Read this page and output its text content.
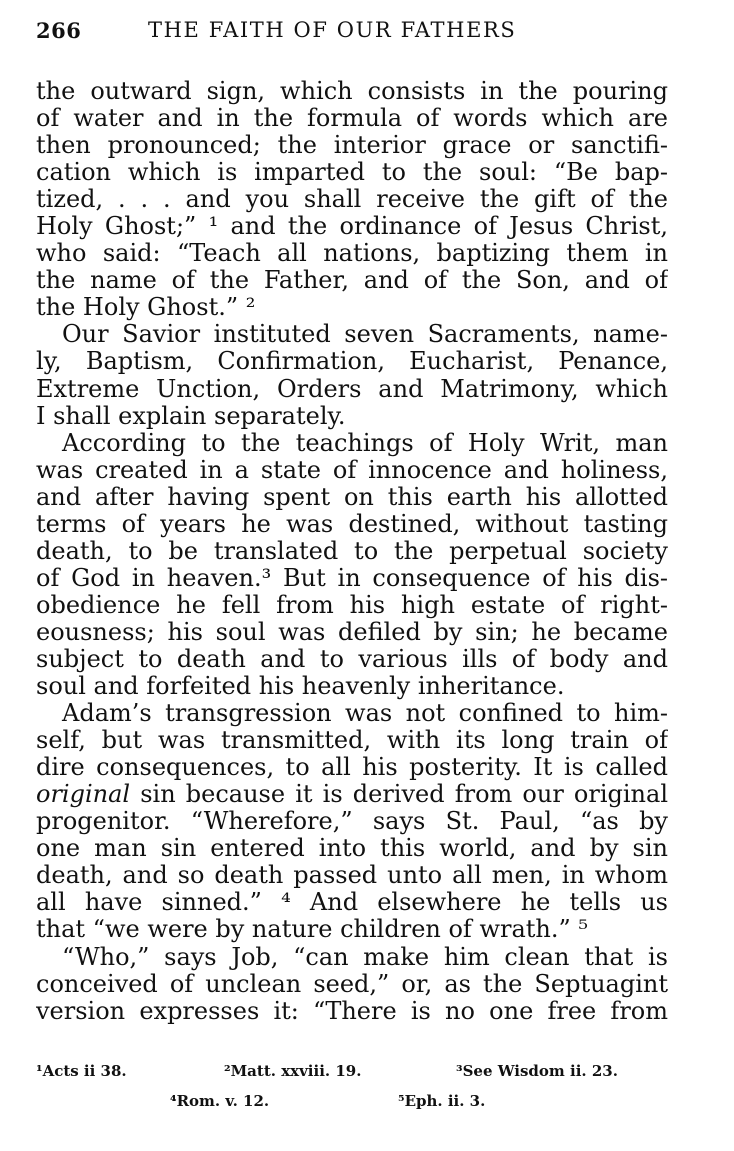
266	THE FAITH OF OUR FATHERS
the outward sign, which consists in the pouring
of water and in the formula of words which are
then pronounced; the interior grace or sanctifi-
cation which is imparted to the soul: “Be bap-
tized, . . . and you shall receive the gift of the
Holy Ghost;” ¹ and the ordinance of Jesus Christ,
who said: “Teach all nations, baptizing them in
the name of the Father, and of the Son, and of
the Holy Ghost.” ²
Our Savior instituted seven Sacraments, name-
ly, Baptism, Confirmation, Eucharist, Penance,
Extreme Unction, Orders and Matrimony, which
I shall explain separately.
According to the teachings of Holy Writ, man
was created in a state of innocence and holiness,
and after having spent on this earth his allotted
terms of years he was destined, without tasting
death, to be translated to the perpetual society
of God in heaven.³ But in consequence of his dis-
obedience he fell from his high estate of right-
eousness; his soul was defiled by sin; he became
subject to death and to various ills of body and
soul and forfeited his heavenly inheritance.
Adam’s transgression was not confined to him-
self, but was transmitted, with its long train of
dire consequences, to all his posterity. It is called
original sin because it is derived from our original
progenitor. “Wherefore,” says St. Paul, “as by
one man sin entered into this world, and by sin
death, and so death passed unto all men, in whom
all have sinned.” ⁴ And elsewhere he tells us
that “we were by nature children of wrath.” ⁵
“Who,” says Job, “can make him clean that is
conceived of unclean seed,” or, as the Septuagint
version expresses it: “There is no one free from
¹Acts ii 38.	²Matt. xxviii. 19.	³See Wisdom ii. 23.
⁴Rom. v. 12.	⁵Eph. ii. 3.
